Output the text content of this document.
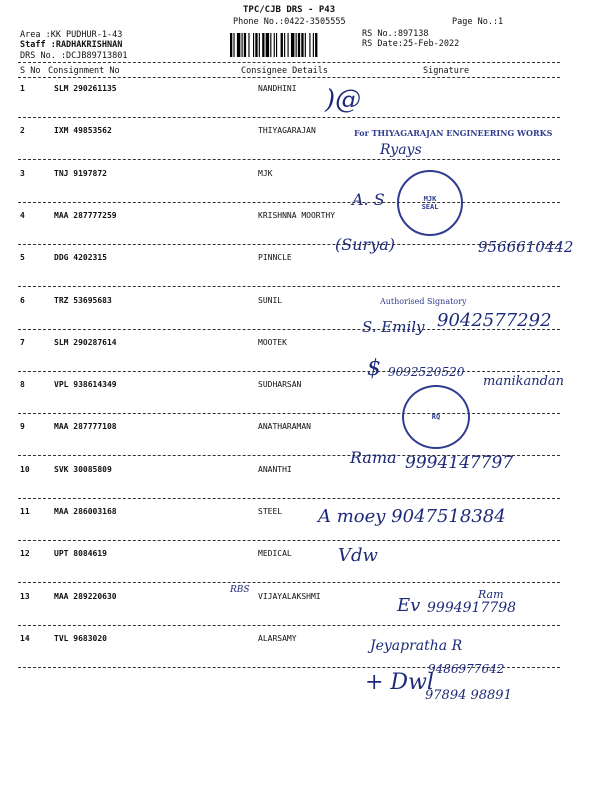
TPC/CJB DRS - P43
Phone No.:0422-3505555	Page No.:1
Area :KK PUDHUR-1-43
Staff :RADHAKRISHNAN
DRS No. :DCJB89713801
RS No.:897138
RS Date:25-Feb-2022
S No Consignment No	Consignee Details	Signature
1	SLM 290261135	NANDHINI
2	IXM 49853562	THIYAGARAJAN
3	TNJ 9197872	MJK
4	MAA 287777259	KRISHNNA MOORTHY
5	DDG 4202315	PINNCLE
6	TRZ 53695683	SUNIL
7	SLM 290287614	MOOTEK
8	VPL 938614349	SUDHARSAN
9	MAA 287777108	ANATHARAMAN
10	SVK 30085809	ANANTHI
11	MAA 286003168	STEEL
12	UPT 8084619	MEDICAL
13	MAA 289220630	VIJAYALAKSHMI
14	TVL 9683020	ALARSAMY
)@
For THIYAGARAJAN ENGINEERING WORKS
Ryays
MJK
SEAL
A. S
(Surya)	9566610442
Authorised Signatory
S. Emily 9042577292
$ 9092520520
manikandan
RQ
Rama 9994147797
A moey 9047518384
Vdw
RBS	Ram
Ev 9994917798
Jeyapratha R
9486977642
+ Dwl
97894 98891
